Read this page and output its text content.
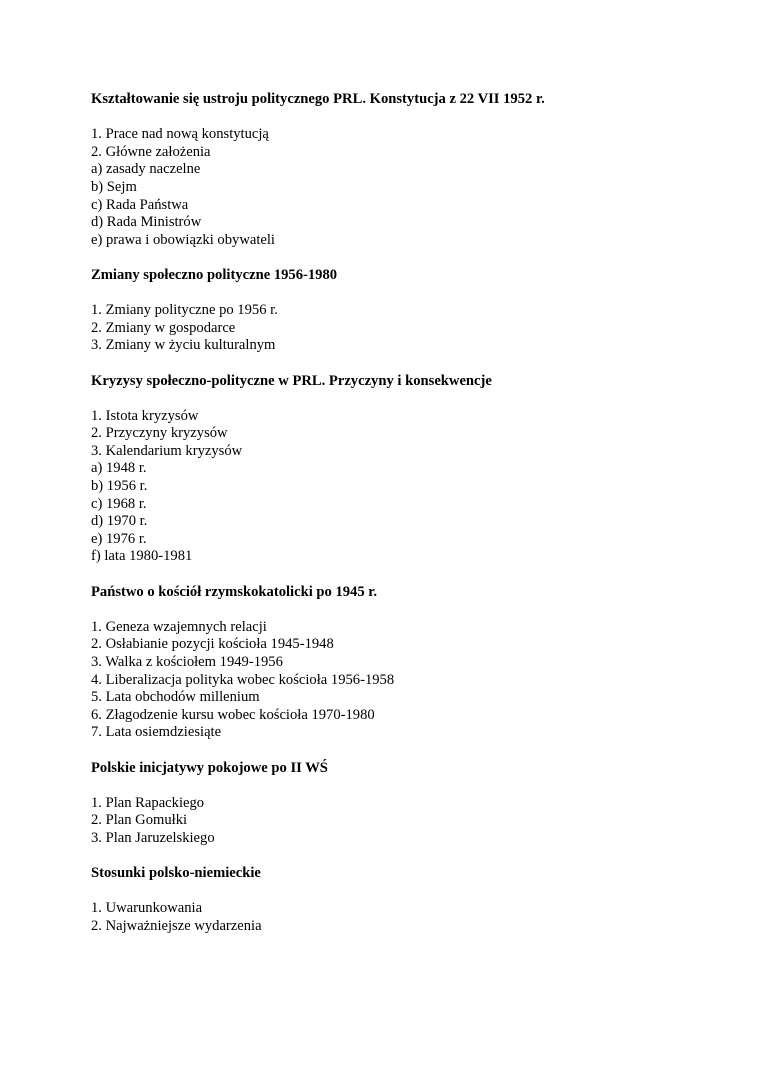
Kształtowanie się ustroju politycznego PRL. Konstytucja z 22 VII 1952 r.
1. Prace nad nową konstytucją
2. Główne założenia
a) zasady naczelne
b) Sejm
c) Rada Państwa
d) Rada Ministrów
e) prawa i obowiązki obywateli
Zmiany społeczno polityczne 1956-1980
1. Zmiany polityczne po 1956 r.
2. Zmiany w gospodarce
3. Zmiany w życiu kulturalnym
Kryzysy społeczno-polityczne w PRL. Przyczyny i konsekwencje
1. Istota kryzysów
2. Przyczyny kryzysów
3. Kalendarium kryzysów
a) 1948 r.
b) 1956 r.
c) 1968 r.
d) 1970 r.
e) 1976 r.
f) lata 1980-1981
Państwo o kościół rzymskokatolicki po 1945 r.
1. Geneza wzajemnych relacji
2. Osłabianie pozycji kościoła 1945-1948
3. Walka z kościołem 1949-1956
4. Liberalizacja polityka wobec kościoła 1956-1958
5. Lata obchodów millenium
6. Złagodzenie kursu wobec kościoła 1970-1980
7. Lata osiemdziesiąte
Polskie inicjatywy pokojowe po II WŚ
1. Plan Rapackiego
2. Plan Gomułki
3. Plan Jaruzelskiego
Stosunki polsko-niemieckie
1. Uwarunkowania
2. Najważniejsze wydarzenia
